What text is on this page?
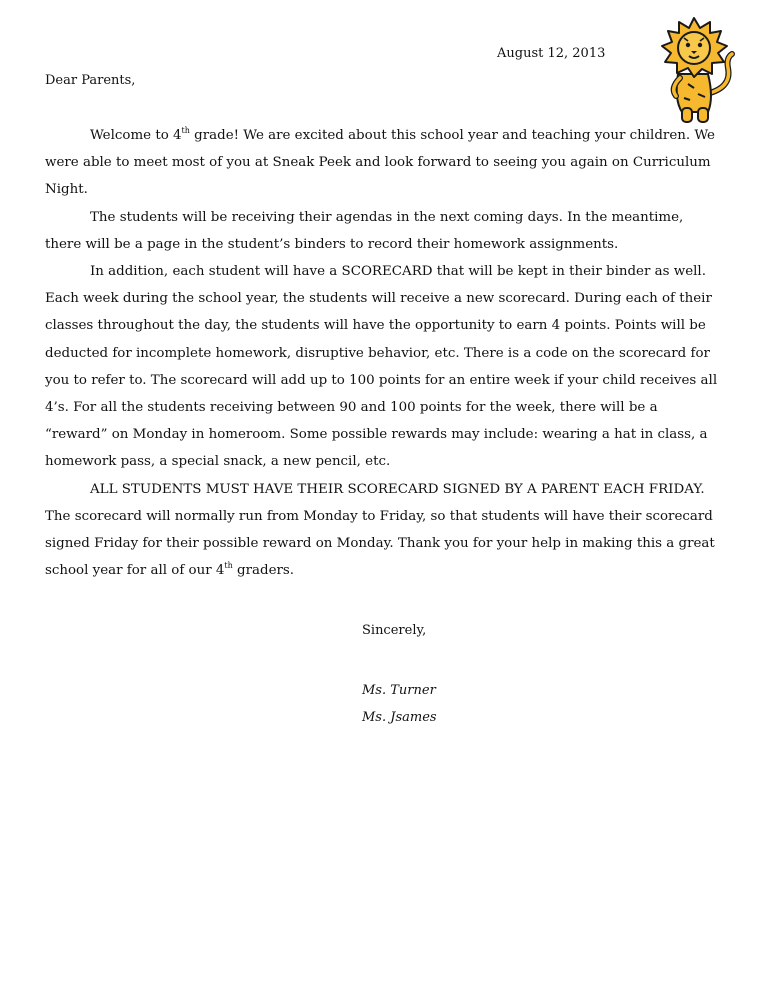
August 12, 2013
Dear Parents,

Welcome to 4th grade! We are excited about this school year and teaching your children. We were able to meet most of you at Sneak Peek and look forward to seeing you again on Curriculum Night.

The students will be receiving their agendas in the next coming days. In the meantime, there will be a page in the student’s binders to record their homework assignments.

In addition, each student will have a SCORECARD that will be kept in their binder as well. Each week during the school year, the students will receive a new scorecard. During each of their classes throughout the day, the students will have the opportunity to earn 4 points. Points will be deducted for incomplete homework, disruptive behavior, etc. There is a code on the scorecard for you to refer to. The scorecard will add up to 100 points for an entire week if your child receives all 4’s. For all the students receiving between 90 and 100 points for the week, there will be a “reward” on Monday in homeroom. Some possible rewards may include: wearing a hat in class, a homework pass, a special snack, a new pencil, etc.

ALL STUDENTS MUST HAVE THEIR SCORECARD SIGNED BY A PARENT EACH FRIDAY. The scorecard will normally run from Monday to Friday, so that students will have their scorecard signed Friday for their possible reward on Monday. Thank you for your help in making this a great school year for all of our 4th graders.

Sincerely,
Ms. Turner
Ms. Jsames
